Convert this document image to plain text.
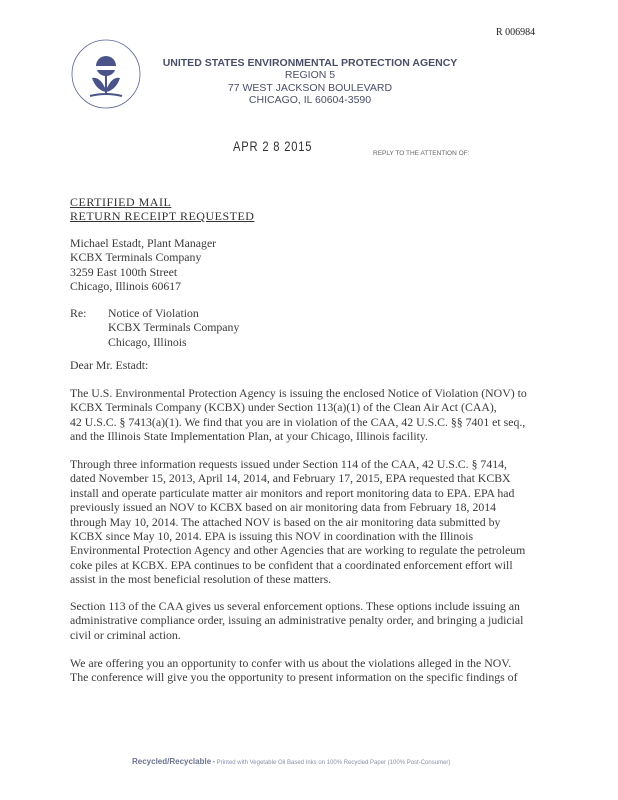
R 006984
UNITED STATES ENVIRONMENTAL PROTECTION AGENCY
REGION 5
77 WEST JACKSON BOULEVARD
CHICAGO, IL 60604-3590
APR 2 8 2015	REPLY TO THE ATTENTION OF:
CERTIFIED MAIL
RETURN RECEIPT REQUESTED
Michael Estadt, Plant Manager
KCBX Terminals Company
3259 East 100th Street
Chicago, Illinois 60617
Re: Notice of Violation
KCBX Terminals Company
Chicago, Illinois
Dear Mr. Estadt:
The U.S. Environmental Protection Agency is issuing the enclosed Notice of Violation (NOV) to
KCBX Terminals Company (KCBX) under Section 113(a)(1) of the Clean Air Act (CAA),
42 U.S.C. § 7413(a)(1). We find that you are in violation of the CAA, 42 U.S.C. §§ 7401 et seq.,
and the Illinois State Implementation Plan, at your Chicago, Illinois facility.
Through three information requests issued under Section 114 of the CAA, 42 U.S.C. § 7414,
dated November 15, 2013, April 14, 2014, and February 17, 2015, EPA requested that KCBX
install and operate particulate matter air monitors and report monitoring data to EPA. EPA had
previously issued an NOV to KCBX based on air monitoring data from February 18, 2014
through May 10, 2014. The attached NOV is based on the air monitoring data submitted by
KCBX since May 10, 2014. EPA is issuing this NOV in coordination with the Illinois
Environmental Protection Agency and other Agencies that are working to regulate the petroleum
coke piles at KCBX. EPA continues to be confident that a coordinated enforcement effort will
assist in the most beneficial resolution of these matters.
Section 113 of the CAA gives us several enforcement options. These options include issuing an
administrative compliance order, issuing an administrative penalty order, and bringing a judicial
civil or criminal action.
We are offering you an opportunity to confer with us about the violations alleged in the NOV.
The conference will give you the opportunity to present information on the specific findings of
Recycled/Recyclable • Printed with Vegetable Oil Based Inks on 100% Recycled Paper (100% Post-Consumer)
